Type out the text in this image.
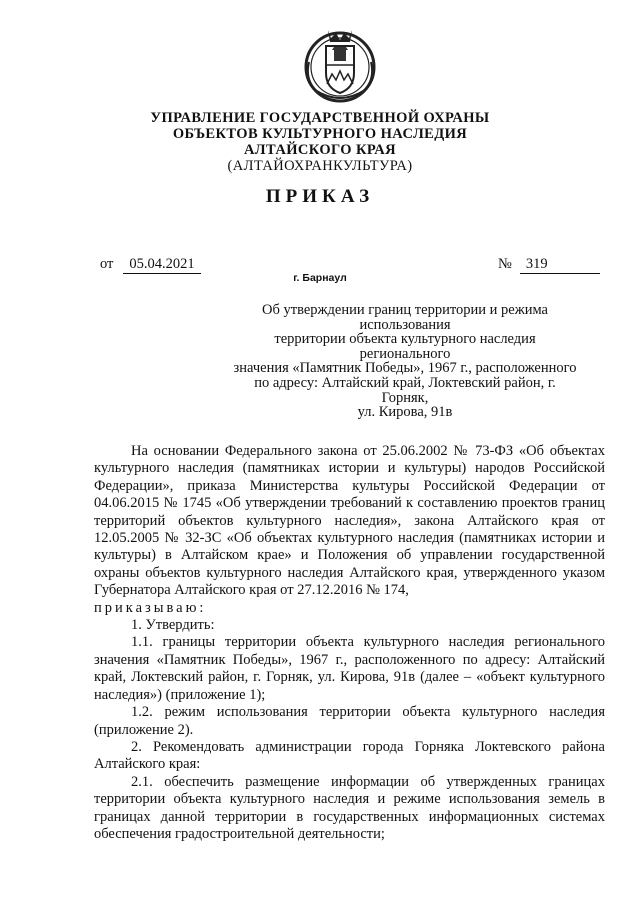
УПРАВЛЕНИЕ ГОСУДАРСТВЕННОЙ ОХРАНЫ
ОБЪЕКТОВ КУЛЬТУРНОГО НАСЛЕДИЯ
АЛТАЙСКОГО КРАЯ
(АЛТАЙОХРАНКУЛЬТУРА)
ПРИКАЗ
от 05.04.2021	№ 319
г. Барнаул
Об утверждении границ территории и режима использования
территории объекта культурного наследия регионального
значения «Памятник Победы», 1967 г., расположенного
по адресу: Алтайский край, Локтевский район, г. Горняк,
ул. Кирова, 91в

На основании Федерального закона от 25.06.2002 № 73-ФЗ «Об объектах культурного наследия (памятниках истории и культуры) народов Российской Федерации», приказа Министерства культуры Российской Федерации от 04.06.2015 № 1745 «Об утверждении требований к составлению проектов границ территорий объектов культурного наследия», закона Алтайского края от 12.05.2005 № 32-ЗС «Об объектах культурного наследия (памятниках истории и культуры) в Алтайском крае» и Положения об управлении государственной охраны объектов культурного наследия Алтайского края, утвержденного указом Губернатора Алтайского края от 27.12.2016 № 174,

приказываю:

1. Утвердить:

1.1. границы территории объекта культурного наследия регионального значения «Памятник Победы», 1967 г., расположенного по адресу: Алтайский край, Локтевский район, г. Горняк, ул. Кирова, 91в (далее – «объект культурного наследия») (приложение 1);

1.2. режим использования территории объекта культурного наследия (приложение 2).

2. Рекомендовать администрации города Горняка Локтевского района Алтайского края:

2.1. обеспечить размещение информации об утвержденных границах территории объекта культурного наследия и режиме использования земель в границах данной территории в государственных информационных системах обеспечения градостроительной деятельности;
